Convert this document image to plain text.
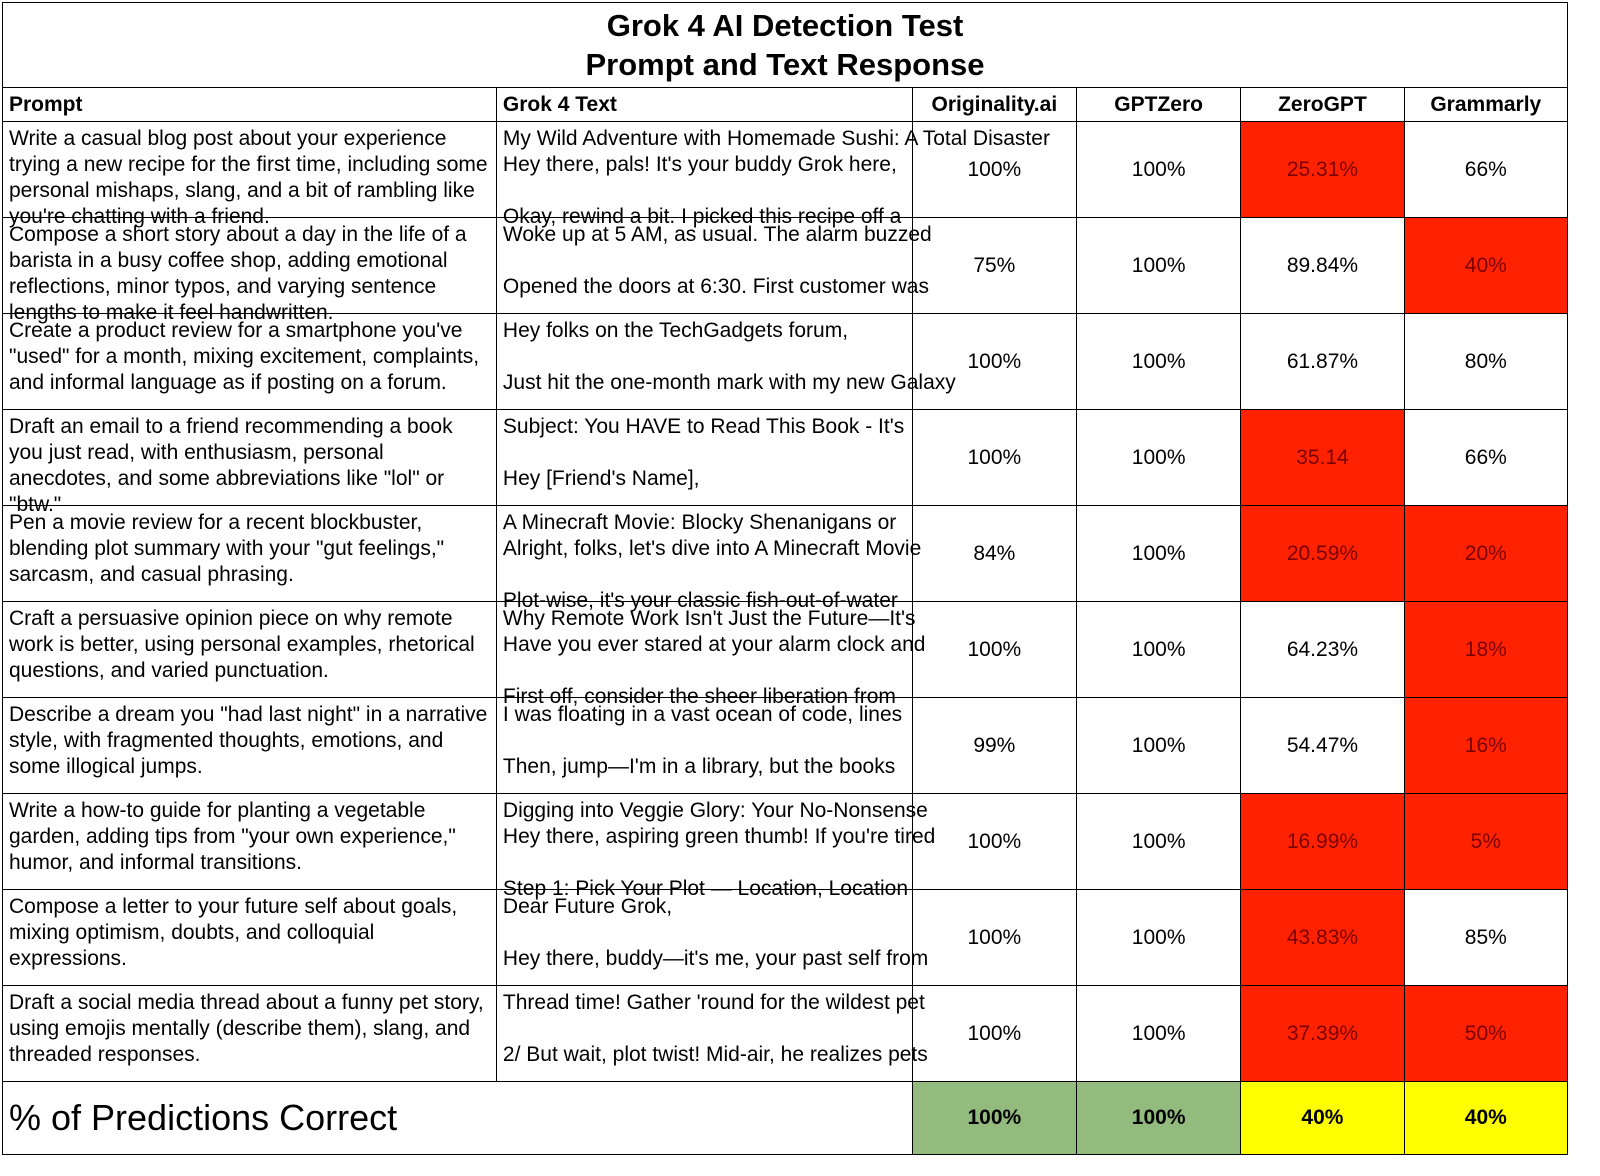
Grok 4 AI Detection Test
Prompt and Text Response					

Prompt	Grok 4 Text	Originality.ai	GPTZero	ZeroGPT	Grammarly

Write a casual blog post about your experience trying a new recipe for the first time, including some personal mishaps, slang, and a bit of rambling like you're chatting with a friend.	My Wild Adventure with Homemade Sushi: A Total Disaster
Hey there, pals! It's your buddy Grok here,
Okay, rewind a bit. I picked this recipe off a	100%	100%	25.31%	66%

Compose a short story about a day in the life of a barista in a busy coffee shop, adding emotional reflections, minor typos, and varying sentence lengths to make it feel handwritten.	Woke up at 5 AM, as usual. The alarm buzzed
Opened the doors at 6:30. First customer was	75%	100%	89.84%	40%

Create a product review for a smartphone you've "used" for a month, mixing excitement, complaints, and informal language as if posting on a forum.	Hey folks on the TechGadgets forum,
Just hit the one-month mark with my new Galaxy	100%	100%	61.87%	80%

Draft an email to a friend recommending a book you just read, with enthusiasm, personal anecdotes, and some abbreviations like "lol" or "btw."	Subject: You HAVE to Read This Book - It's
Hey [Friend's Name],	100%	100%	35.14	66%

Pen a movie review for a recent blockbuster, blending plot summary with your "gut feelings," sarcasm, and casual phrasing.	A Minecraft Movie: Blocky Shenanigans or
Alright, folks, let's dive into A Minecraft Movie
Plot-wise, it's your classic fish-out-of-water	84%	100%	20.59%	20%

Craft a persuasive opinion piece on why remote work is better, using personal examples, rhetorical questions, and varied punctuation.	Why Remote Work Isn't Just the Future—It's
Have you ever stared at your alarm clock and
First off, consider the sheer liberation from	100%	100%	64.23%	18%

Describe a dream you "had last night" in a narrative style, with fragmented thoughts, emotions, and some illogical jumps.	I was floating in a vast ocean of code, lines
Then, jump—I'm in a library, but the books	99%	100%	54.47%	16%

Write a how-to guide for planting a vegetable garden, adding tips from "your own experience," humor, and informal transitions.	Digging into Veggie Glory: Your No-Nonsense
Hey there, aspiring green thumb! If you're tired
Step 1: Pick Your Plot — Location, Location	100%	100%	16.99%	5%

Compose a letter to your future self about goals, mixing optimism, doubts, and colloquial expressions.	Dear Future Grok,
Hey there, buddy—it's me, your past self from	100%	100%	43.83%	85%

Draft a social media thread about a funny pet story, using emojis mentally (describe them), slang, and threaded responses.	Thread time! Gather 'round for the wildest pet
2/ But wait, plot twist! Mid-air, he realizes pets	100%	100%	37.39%	50%
% of Predictions Correct		100%	100%	40%	40%
